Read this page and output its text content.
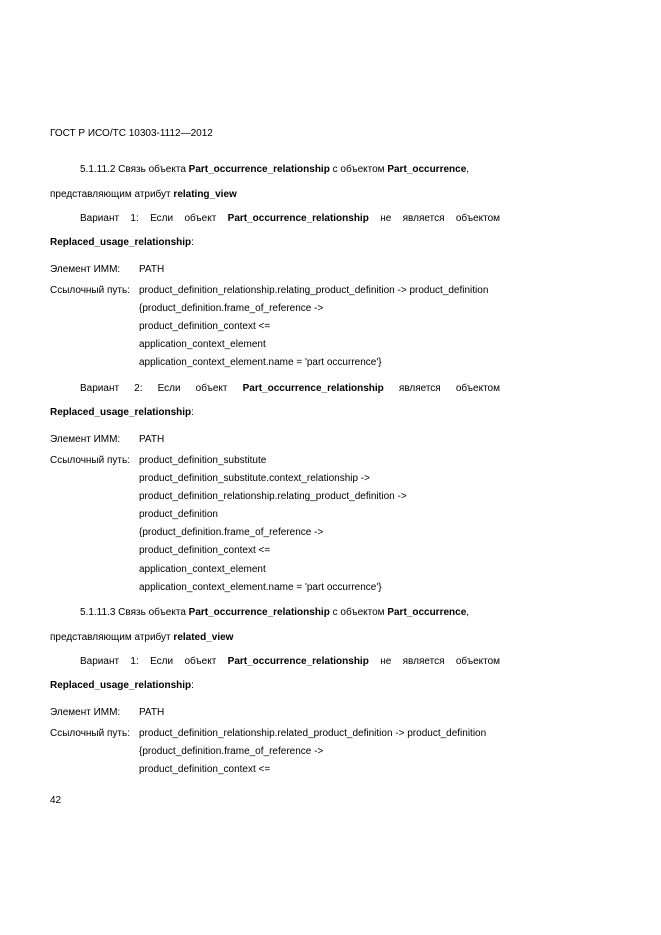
ГОСТ Р ИСО/ТС 10303-1112—2012
5.1.11.2 Связь объекта Part_occurrence_relationship с объектом Part_occurrence,
представляющим атрибут relating_view
Вариант 1: Если объект Part_occurrence_relationship не является объектом
Replaced_usage_relationship:
Элемент ИММ: PATH
Ссылочный путь: product_definition_relationship.relating_product_definition -> product_definition
{product_definition.frame_of_reference ->
product_definition_context <=
application_context_element
application_context_element.name = 'part occurrence'}
Вариант 2: Если объект Part_occurrence_relationship является объектом
Replaced_usage_relationship:
Элемент ИММ: PATH
Ссылочный путь: product_definition_substitute
product_definition_substitute.context_relationship ->
product_definition_relationship.relating_product_definition ->
product_definition
{product_definition.frame_of_reference ->
product_definition_context <=
application_context_element
application_context_element.name = 'part occurrence'}
5.1.11.3 Связь объекта Part_occurrence_relationship с объектом Part_occurrence,
представляющим атрибут related_view
Вариант 1: Если объект Part_occurrence_relationship не является объектом
Replaced_usage_relationship:
Элемент ИММ: PATH
Ссылочный путь: product_definition_relationship.related_product_definition -> product_definition
{product_definition.frame_of_reference ->
product_definition_context <=
42
